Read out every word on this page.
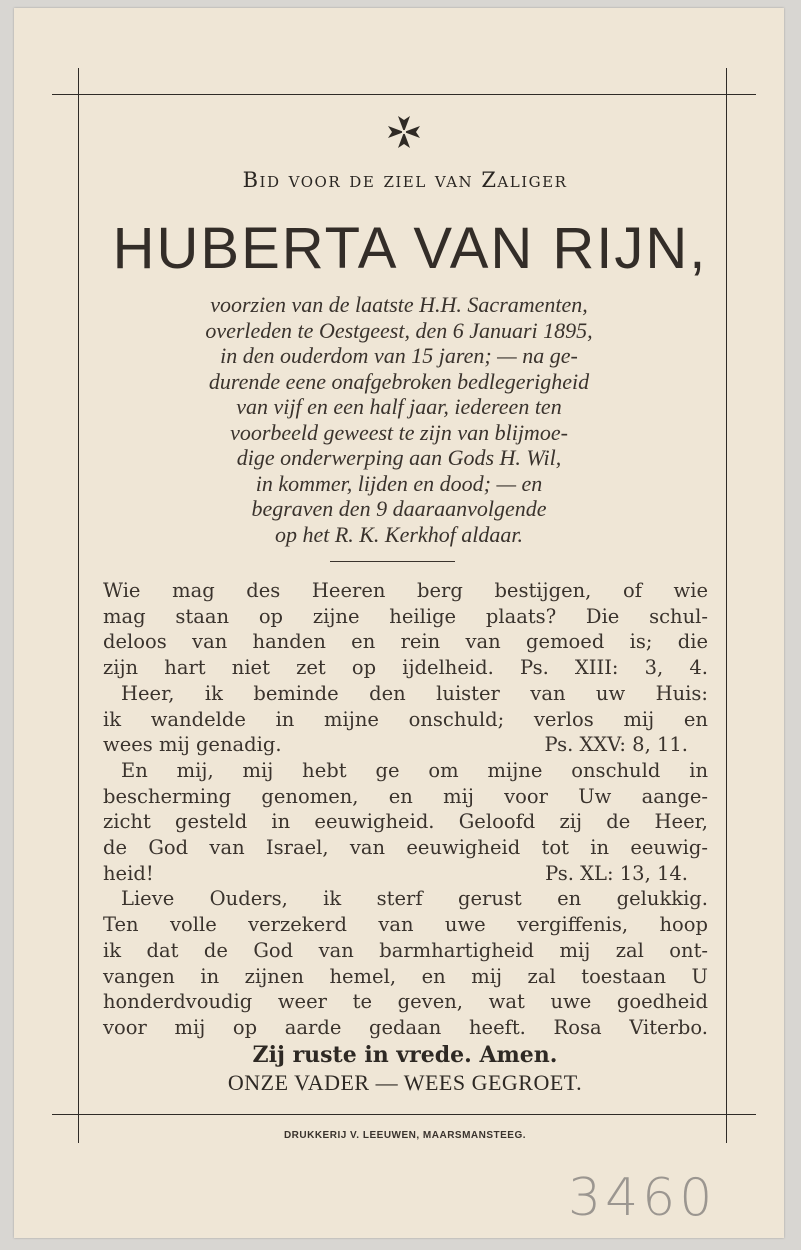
Bid voor de ziel van Zaliger
HUBERTA VAN RIJN,
voorzien van de laatste H.H. Sacramenten,
overleden te Oestgeest, den 6 Januari 1895,
in den ouderdom van 15 jaren; — na ge-
durende eene onafgebroken bedlegerigheid
van vijf en een half jaar, iedereen ten
voorbeeld geweest te zijn van blijmoe-
dige onderwerping aan Gods H. Wil,
in kommer, lijden en dood; — en
begraven den 9 daaraanvolgende
op het R. K. Kerkhof aldaar.
Wie mag des Heeren berg bestijgen, of wie
mag staan op zijne heilige plaats? Die schul-
deloos van handen en rein van gemoed is; die
zijn hart niet zet op ijdelheid. Ps. XIII: 3, 4.
Heer, ik beminde den luister van uw Huis:
ik wandelde in mijne onschuld; verlos mij en
wees mij genadig.	Ps. XXV: 8, 11.
En mij, mij hebt ge om mijne onschuld in
bescherming genomen, en mij voor Uw aange-
zicht gesteld in eeuwigheid. Geloofd zij de Heer,
de God van Israel, van eeuwigheid tot in eeuwig-
heid!	Ps. XL: 13, 14.
Lieve Ouders, ik sterf gerust en gelukkig.
Ten volle verzekerd van uwe vergiffenis, hoop
ik dat de God van barmhartigheid mij zal ont-
vangen in zijnen hemel, en mij zal toestaan U
honderdvoudig weer te geven, wat uwe goedheid
voor mij op aarde gedaan heeft. Rosa Viterbo.
Zij ruste in vrede. Amen.
ONZE VADER — WEES GEGROET.
DRUKKERIJ V. LEEUWEN, MAARSMANSTEEG.
3460
